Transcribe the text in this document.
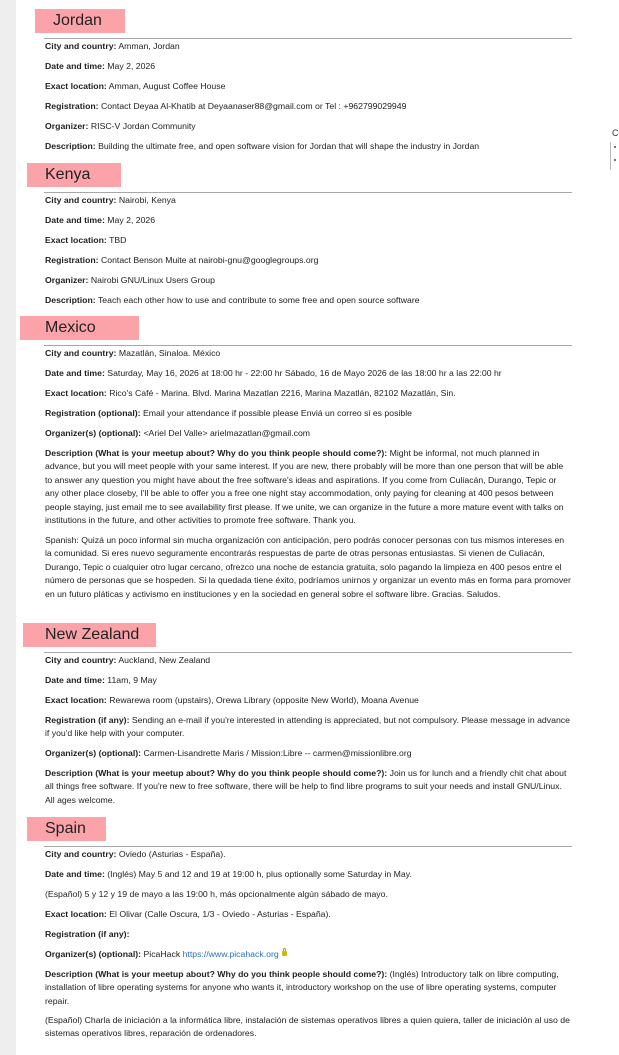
C
Jordan
City and country: Amman, Jordan
Date and time: May 2, 2026
Exact location: Amman, August Coffee House
Registration: Contact Deyaa Al-Khatib at Deyaanaser88@gmail.com or Tel : +962799029949
Organizer: RISC-V Jordan Community
Description: Building the ultimate free, and open software vision for Jordan that will shape the industry in Jordan
Kenya
City and country: Nairobi, Kenya
Date and time: May 2, 2026
Exact location: TBD
Registration: Contact Benson Muite at nairobi-gnu@googlegroups.org
Organizer: Nairobi GNU/Linux Users Group
Description: Teach each other how to use and contribute to some free and open source software
Mexico
City and country: Mazatlán, Sinaloa. México
Date and time: Saturday, May 16, 2026 at 18:00 hr - 22:00 hr Sábado, 16 de Mayo 2026 de las 18:00 hr a las 22:00 hr
Exact location: Rico's Café - Marina. Blvd. Marina Mazatlan 2216, Marina Mazatlán, 82102 Mazatlán, Sin.
Registration (optional): Email your attendance if possible please Enviá un correo si es posible
Organizer(s) (optional): <Ariel Del Valle> arielmazatlan@gmail.com
Description (What is your meetup about? Why do you think people should come?): Might be informal, not much planned in advance, but you will meet people with your same interest. If you are new, there probably will be more than one person that will be able to answer any question you might have about the free software's ideas and aspirations. If you come from Culiacán, Durango, Tepic or any other place closeby, I'll be able to offer you a free one night stay accommodation, only paying for cleaning at 400 pesos between people staying, just email me to see availability first please. If we unite, we can organize in the future a more mature event with talks on institutions in the future, and other activities to promote free software. Thank you.
Spanish: Quizá un poco informal sin mucha organización con anticipación, pero podrás conocer personas con tus mismos intereses en la comunidad. Si eres nuevo seguramente encontrarás respuestas de parte de otras personas entusiastas. Si vienen de Culiacán, Durango, Tepic o cualquier otro lugar cercano, ofrezco una noche de estancia gratuita, solo pagando la limpieza en 400 pesos entre el número de personas que se hospeden. Si la quedada tiene éxito, podríamos unirnos y organizar un evento más en forma para promover en un futuro pláticas y activismo en instituciones y en la sociedad en general sobre el software libre. Gracias. Saludos.
New Zealand
City and country: Auckland, New Zealand
Date and time: 11am, 9 May
Exact location: Rewarewa room (upstairs), Orewa Library (opposite New World), Moana Avenue
Registration (if any): Sending an e-mail if you're interested in attending is appreciated, but not compulsory. Please message in advance if you'd like help with your computer.
Organizer(s) (optional): Carmen-Lisandrette Maris / Mission:Libre -- carmen@missionlibre.org
Description (What is your meetup about? Why do you think people should come?): Join us for lunch and a friendly chit chat about all things free software. If you're new to free software, there will be help to find libre programs to suit your needs and install GNU/Linux. All ages welcome.
Spain
City and country: Oviedo (Asturias - España).
Date and time: (Inglés) May 5 and 12 and 19 at 19:00 h, plus optionally some Saturday in May.
(Español) 5 y 12 y 19 de mayo a las 19:00 h, más opcionalmente algún sábado de mayo.
Exact location: El Olivar (Calle Oscura, 1/3 - Oviedo - Asturias - España).
Registration (if any):
Organizer(s) (optional): PicaHack https://www.picahack.org
Description (What is your meetup about? Why do you think people should come?): (Inglés) Introductory talk on libre computing, installation of libre operating systems for anyone who wants it, introductory workshop on the use of libre operating systems, computer repair.
(Español) Charla de iniciación a la informática libre, instalación de sistemas operativos libres a quien quiera, taller de iniciación al uso de sistemas operativos libres, reparación de ordenadores.
